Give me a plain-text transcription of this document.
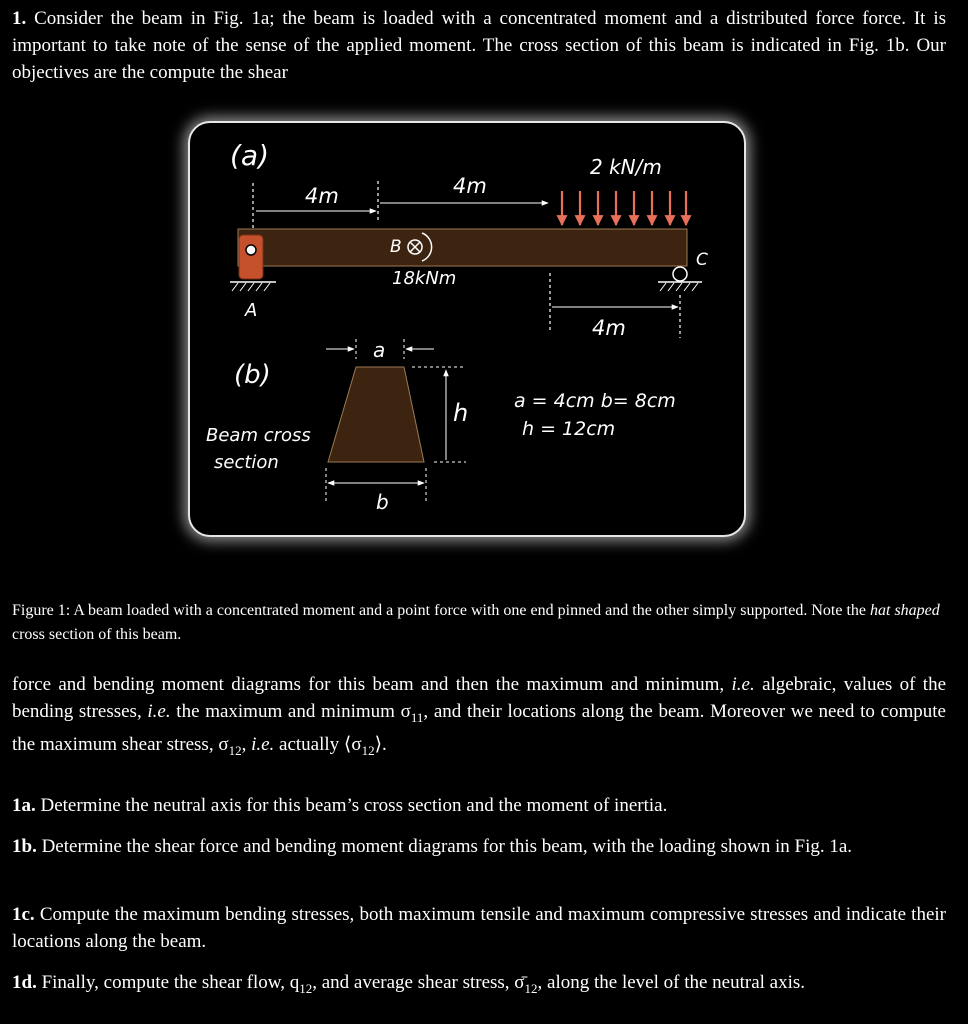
1. Consider the beam in Fig. 1a; the beam is loaded with a concentrated moment and a distributed force force. It is important to take note of the sense of the applied moment. The cross section of this beam is indicated in Fig. 1b. Our objectives are the compute the shear
(a)
4m	4m
4m
2 kN/m
A
C
B
18kNm
(b)
Beam cross
section
a
h
b
a = 4cm b= 8cm
h = 12cm
Figure 1: A beam loaded with a concentrated moment and a point force with one end pinned and the other simply supported. Note the hat shaped cross section of this beam.
force and bending moment diagrams for this beam and then the maximum and minimum, i.e. algebraic, values of the bending stresses, i.e. the maximum and minimum $\sigma_{11}$, and their locations along the beam. Moreover we need to compute the maximum shear stress, $\sigma_{12}$, i.e. actually $⟨\sigma_{12}⟩$.
1a. Determine the neutral axis for this beam’s cross section and the moment of inertia.
1b. Determine the shear force and bending moment diagrams for this beam, with the loading shown in Fig. 1a.
1c. Compute the maximum bending stresses, both maximum tensile and maximum compressive stresses and indicate their locations along the beam.
1d. Finally, compute the shear flow, $q_{12}$, and average shear stress, $\sigmā_{12}$, along the level of the neutral axis.
